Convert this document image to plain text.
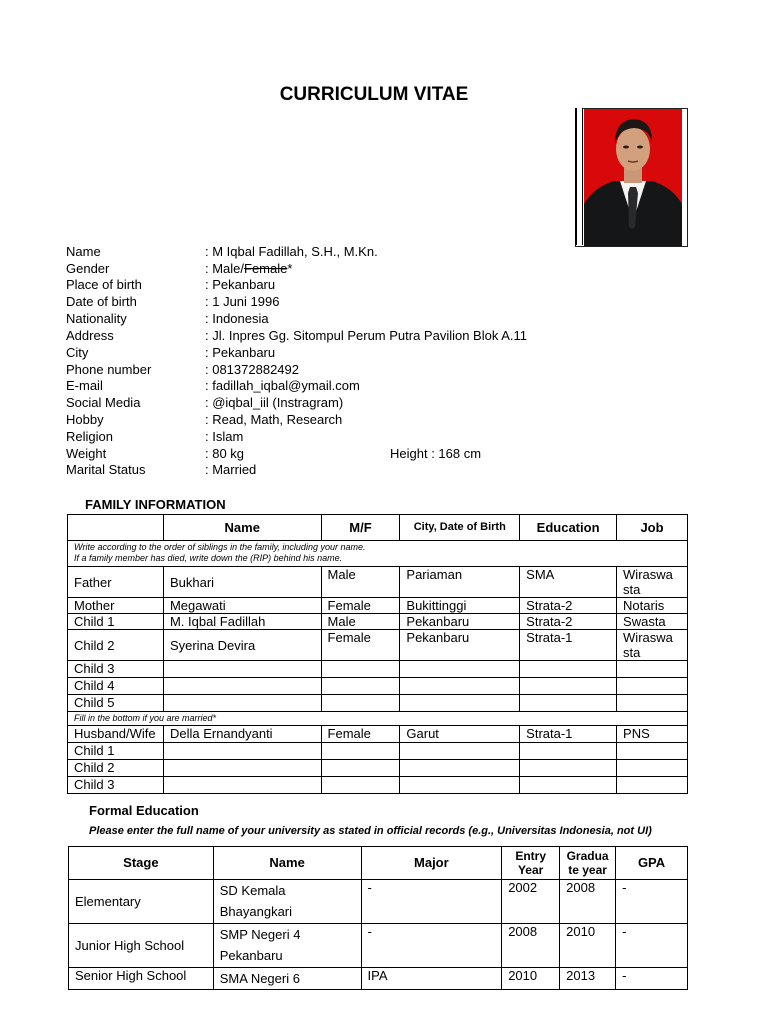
CURRICULUM VITAE
Name	: M Iqbal Fadillah, S.H., M.Kn.
Gender	: Male/Female*
Place of birth	: Pekanbaru
Date of birth	: 1 Juni 1996
Nationality	: Indonesia
Address	: Jl. Inpres Gg. Sitompul Perum Putra Pavilion Blok A.11
City	: Pekanbaru
Phone number	: 081372882492
E-mail	: fadillah_iqbal@ymail.com
Social Media	: @iqbal_iil (Instragram)
Hobby	: Read, Math, Research
Religion	: Islam
Weight	: 80 kg	Height : 168 cm
Marital Status	: Married
FAMILY INFORMATION
	Name	M/F	City, Date of Birth	Education	Job
Write according to the order of siblings in the family, including your name.
If a family member has died, write down the (RIP) behind his name.					
Father	Bukhari	Male	Pariaman	SMA	Wiraswa sta
Mother	Megawati	Female	Bukittinggi	Strata-2	Notaris
Child 1	M. Iqbal Fadillah	Male	Pekanbaru	Strata-2	Swasta
Child 2	Syerina Devira	Female	Pekanbaru	Strata-1	Wiraswa sta
Child 3					
Child 4					
Child 5					
Fill in the bottom if you are married*					
Husband/Wife	Della Ernandyanti	Female	Garut	Strata-1	PNS
Child 1					
Child 2					
Child 3					
Formal Education
Please enter the full name of your university as stated in official records (e.g., Universitas Indonesia, not UI)
Stage	Name	Major	Entry Year	Gradua te year	GPA
Elementary	SD Kemala Bhayangkari	-	2002	2008	-
Junior High School	SMP Negeri 4 Pekanbaru	-	2008	2010	-
Senior High School	SMA Negeri 6	IPA	2010	2013	-
